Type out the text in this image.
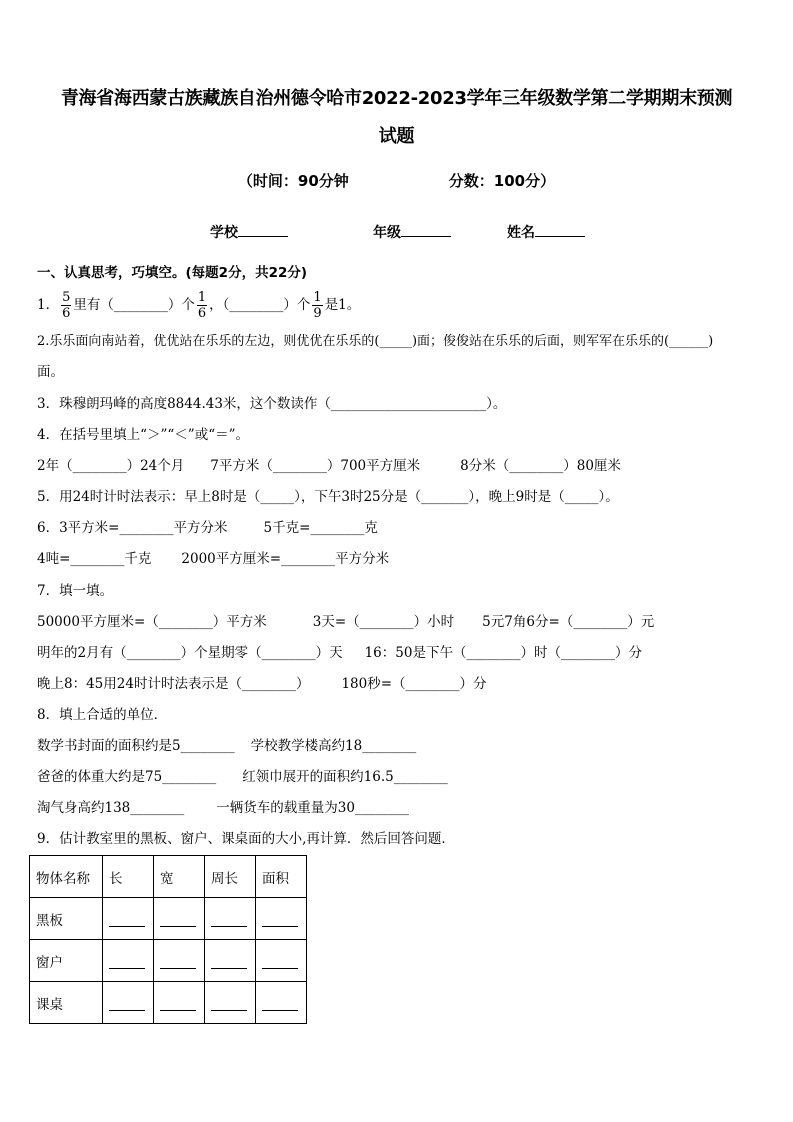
青海省海西蒙古族藏族自治州德令哈市2022-2023学年三年级数学第二学期期末预测
试题
（时间：90分钟	分数：100分）
学校	年级	姓名
一、认真思考，巧填空。(每题2分，共22分)
1． $\frac{5}{6}$ 里有（________）个 $\frac{1}{6}$ ，（________）个 $\frac{1}{9}$ 是1。
2.乐乐面向南站着，优优站在乐乐的左边，则优优在乐乐的(_____)面；俊俊站在乐乐的后面，则军军在乐乐的(______)
面。
3．珠穆朗玛峰的高度8844.43米，这个数读作（_______________________）。
4．在括号里填上“＞”“＜”或“＝”。
2年（________）24个月 7平方米（________）700平方厘米	8分米（________）80厘米
5．用24时计时法表示：早上8时是（_____），下午3时25分是（_______），晚上9时是（_____）。
6．3平方米=________平方分米	5千克=________克
4吨=________千克 2000平方厘米=________平方分米
7．填一填。
50000平方厘米=（________）平方米	3天=（________）小时 5元7角6分=（________）元
明年的2月有（________）个星期零（________）天 16：50是下午（________）时（________）分
晚上8：45用24时计时法表示是（________） 180秒=（________）分
8．填上合适的单位．
数学书封面的面积约是5________ 学校教学楼高约18________
爸爸的体重大约是75________ 红领巾展开的面积约16.5________
淘气身高约138________ 一辆货车的载重量为30________
9．估计教室里的黑板、窗户、课桌面的大小,再计算．然后回答问题．
物体名称	长	宽	周长	面积
黑板				
窗户				
课桌				
